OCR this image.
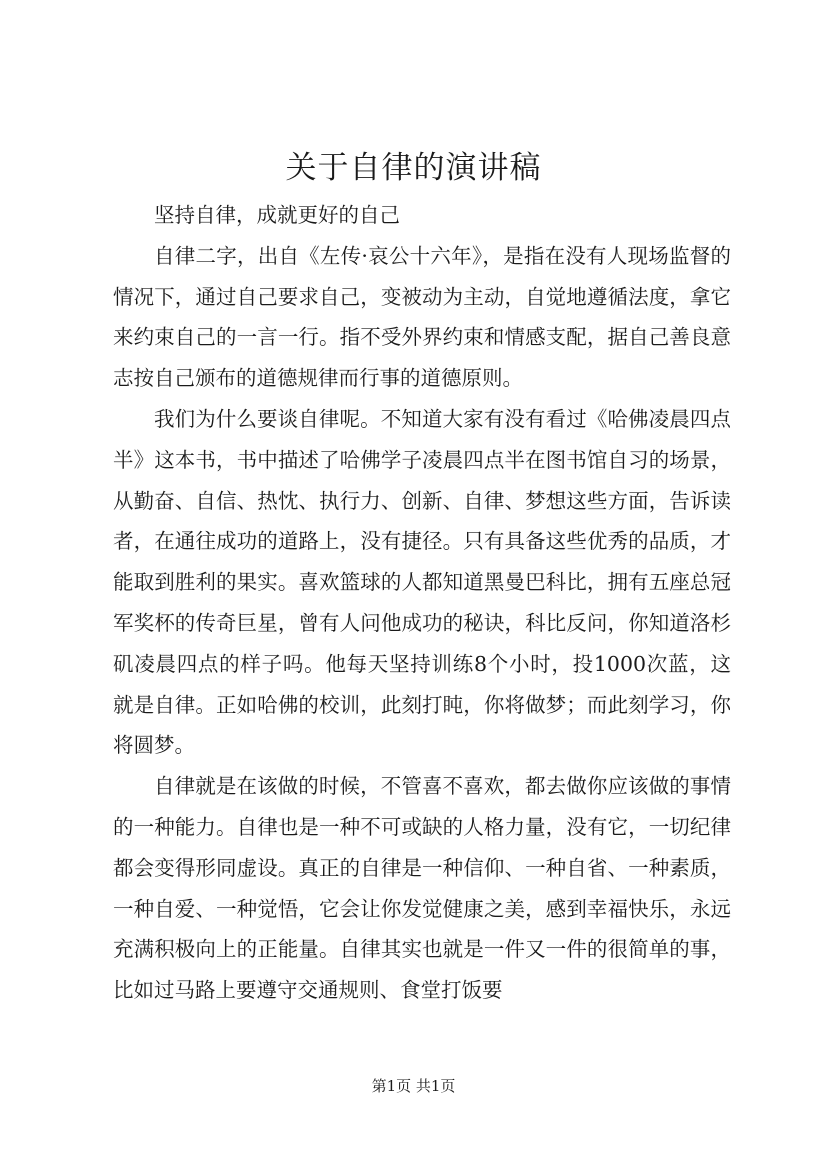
关于自律的演讲稿

坚持自律，成就更好的自己

自律二字，出自《左传·哀公十六年》，是指在没有人现场监督的情况下，通过自己要求自己，变被动为主动，自觉地遵循法度，拿它来约束自己的一言一行。指不受外界约束和情感支配，据自己善良意志按自己颁布的道德规律而行事的道德原则。

我们为什么要谈自律呢。不知道大家有没有看过《哈佛凌晨四点半》这本书，书中描述了哈佛学子凌晨四点半在图书馆自习的场景，从勤奋、自信、热忱、执行力、创新、自律、梦想这些方面，告诉读者，在通往成功的道路上，没有捷径。只有具备这些优秀的品质，才能取到胜利的果实。喜欢篮球的人都知道黑曼巴科比，拥有五座总冠军奖杯的传奇巨星，曾有人问他成功的秘诀，科比反问，你知道洛杉矶凌晨四点的样子吗。他每天坚持训练8个小时，投1000次蓝，这就是自律。正如哈佛的校训，此刻打盹，你将做梦；而此刻学习，你将圆梦。

自律就是在该做的时候，不管喜不喜欢，都去做你应该做的事情的一种能力。自律也是一种不可或缺的人格力量，没有它，一切纪律都会变得形同虚设。真正的自律是一种信仰、一种自省、一种素质，一种自爱、一种觉悟，它会让你发觉健康之美，感到幸福快乐，永远充满积极向上的正能量。自律其实也就是一件又一件的很简单的事，比如过马路上要遵守交通规则、食堂打饭要

第1页 共1页
